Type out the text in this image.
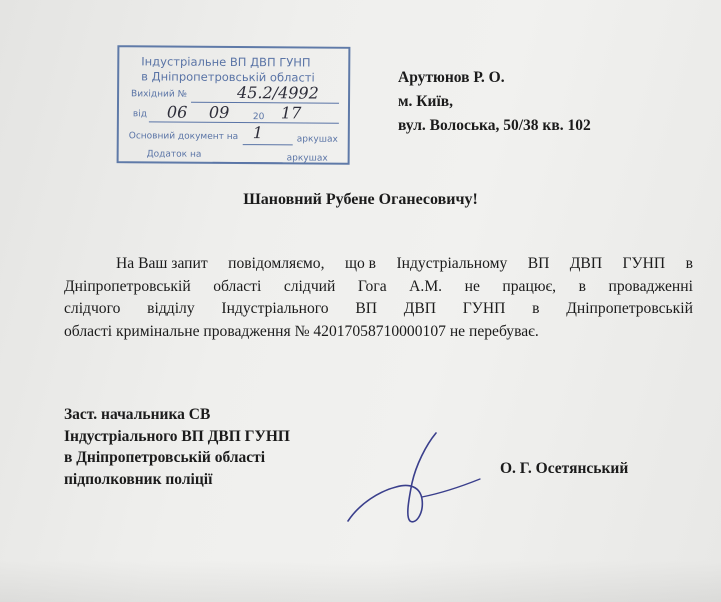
Індустріальне ВП ДВП ГУНП
в Дніпропетровській області
Вихідний №	45.2/4992
від 06 09	20 17
Основний документ на 1	аркушах
Додаток на	аркушах
Арутюнов Р. О.
м. Київ,
вул. Волоська, 50/38 кв. 102
Шановний Рубене Оганесовичу!
На Ваш запит повідомляємо, що в Індустріальному ВП ДВП ГУНП в
Дніпропетровській області слідчий Гога А.М. не працює, в провадженні
слідчого відділу Індустріального ВП ДВП ГУНП в Дніпропетровській
області кримінальне провадження № 42017058710000107 не перебуває.
Заст. начальника СВ
Індустріального ВП ДВП ГУНП
в Дніпропетровській області
підполковник поліції
О. Г. Осетянський
